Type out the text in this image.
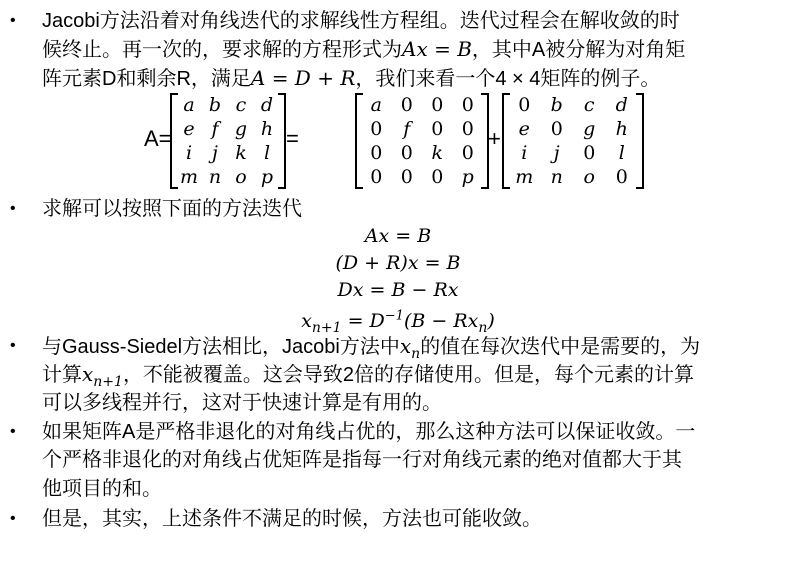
• Jacobi方法沿着对角线迭代的求解线性方程组。迭代过程会在解收敛的时
候终止。再一次的，要求解的方程形式为Ax = B，其中A被分解为对角矩
阵元素D和剩余R，满足A = D + R，我们来看一个4 × 4矩阵的例子。
A=
a b c d
e f g h
i j k l
m n o p
=
a 0 0 0
0 f 0 0
0 0 k 0
0 0 0 p
+
0 b c d
e 0 g h
i j 0 l
m n o 0
• 求解可以按照下面的方法迭代
Ax = B
(D + R)x = B
Dx = B − Rx
$x_{n+1} = D^{-1}(B - Rx_n)$
• 与Gauss-Siedel方法相比，Jacobi方法中$x_n$的值在每次迭代中是需要的，为
计算$x_{n+1}$，不能被覆盖。这会导致2倍的存储使用。但是，每个元素的计算
可以多线程并行，这对于快速计算是有用的。
• 如果矩阵A是严格非退化的对角线占优的，那么这种方法可以保证收敛。一
个严格非退化的对角线占优矩阵是指每一行对角线元素的绝对值都大于其
他项目的和。
• 但是，其实，上述条件不满足的时候，方法也可能收敛。
